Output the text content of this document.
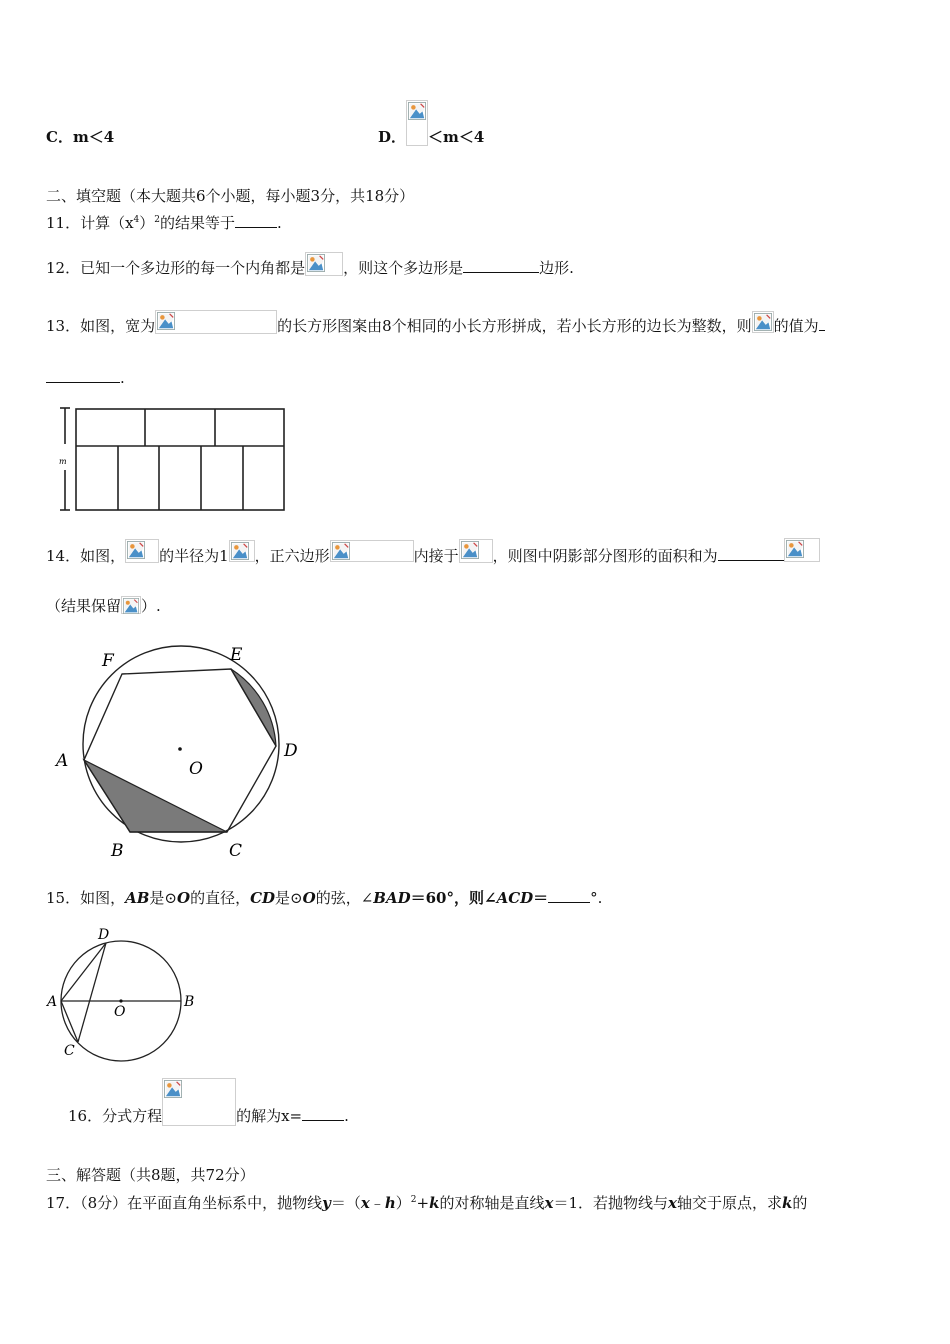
C．m＜4	D． ＜m＜4
二、填空题（本大题共6个小题，每小题3分，共18分）
11．计算$(x^4)^2$的结果等于	.
12．已知一个多边形的每一个内角都是	，则这个多边形是	边形.
13．如图，宽为	的长方形图案由8个相同的小长方形拼成，若小长方形的边长为整数，则 的值为
.
m
14．如图， 的半径为1 ，正六边形	内接于 ，则图中阴影部分图形的面积和为
（结果保留 ）.
F	E
D
C
B
A	O
15．如图，AB是⊙O的直径，CD是⊙O的弦，∠BAD＝60°，则∠ACD＝	°.
D
A
O
B
C
16．分式方程	的解为x=	.
三、解答题（共8题，共72分）
17．（8分）在平面直角坐标系中，抛物线y＝（x﹣h）$^2$+k的对称轴是直线x＝1．若抛物线与x轴交于原点，求k的
